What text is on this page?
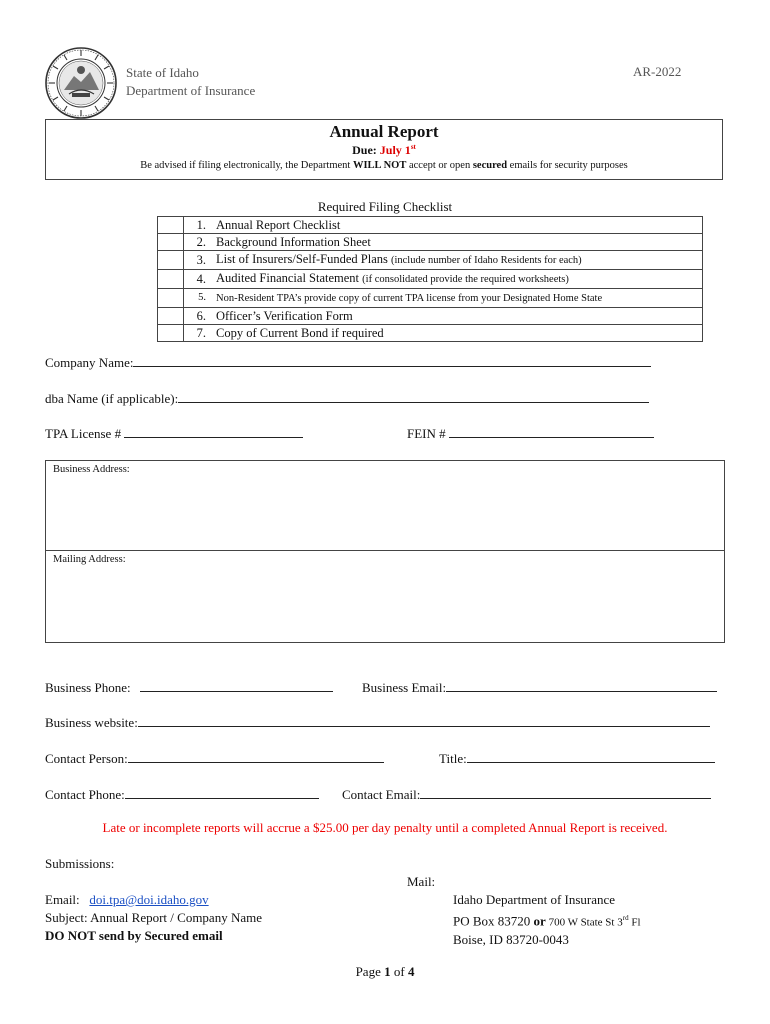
State of Idaho
Department of Insurance
AR-2022
Annual Report
Due: July 1st
Be advised if filing electronically, the Department WILL NOT accept or open secured emails for security purposes
Required Filing Checklist
	1.	Annual Report Checklist
	2.	Background Information Sheet
	3.	List of Insurers/Self-Funded Plans (include number of Idaho Residents for each)
	4.	Audited Financial Statement (if consolidated provide the required worksheets)
	5.	Non-Resident TPA’s provide copy of current TPA license from your Designated Home State
	6.	Officer’s Verification Form
	7.	Copy of Current Bond if required
Company Name:
dba Name (if applicable):
TPA License #	FEIN #
Business Address:
Mailing Address:
Business Phone:	Business Email:
Business website:
Contact Person:	Title:
Contact Phone:	Contact Email:
Late or incomplete reports will accrue a $25.00 per day penalty until a completed Annual Report is received.
Submissions:
Mail:
Email: doi.tpa@doi.idaho.gov
Subject: Annual Report / Company Name
DO NOT send by Secured email
Idaho Department of Insurance
PO Box 83720 or 700 W State St 3rd Fl
Boise, ID 83720-0043
Page 1 of 4
